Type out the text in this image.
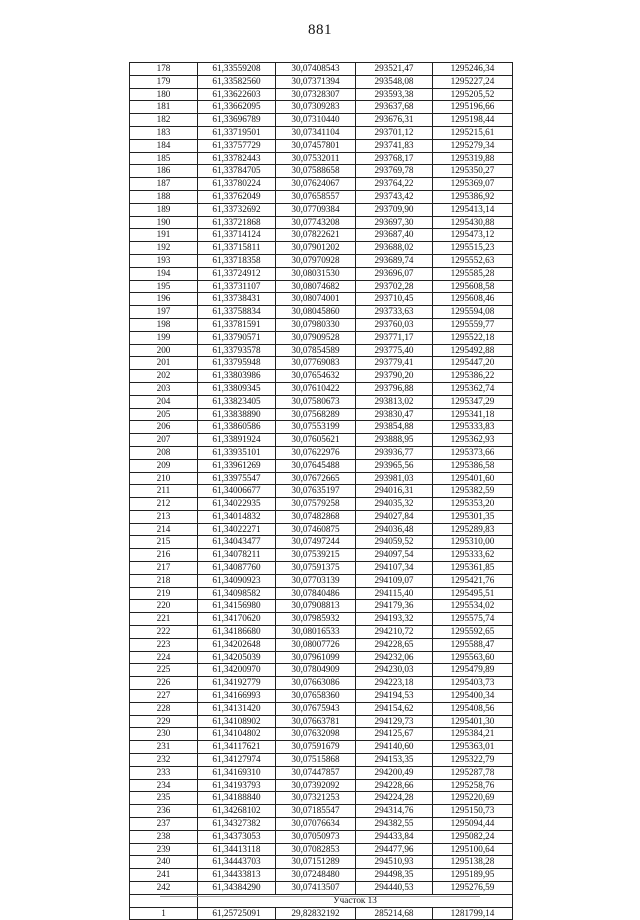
881
178	61,33559208	30,07408543	293521,47	1295246,34
179	61,33582560	30,07371394	293548,08	1295227,24
180	61,33622603	30,07328307	293593,38	1295205,52
181	61,33662095	30,07309283	293637,68	1295196,66
182	61,33696789	30,07310440	293676,31	1295198,44
183	61,33719501	30,07341104	293701,12	1295215,61
184	61,33757729	30,07457801	293741,83	1295279,34
185	61,33782443	30,07532011	293768,17	1295319,88
186	61,33784705	30,07588658	293769,78	1295350,27
187	61,33780224	30,07624067	293764,22	1295369,07
188	61,33762049	30,07658557	293743,42	1295386,92
189	61,33732692	30,07709384	293709,90	1295413,14
190	61,33721868	30,07743208	293697,30	1295430,88
191	61,33714124	30,07822621	293687,40	1295473,12
192	61,33715811	30,07901202	293688,02	1295515,23
193	61,33718358	30,07970928	293689,74	1295552,63
194	61,33724912	30,08031530	293696,07	1295585,28
195	61,33731107	30,08074682	293702,28	1295608,58
196	61,33738431	30,08074001	293710,45	1295608,46
197	61,33758834	30,08045860	293733,63	1295594,08
198	61,33781591	30,07980330	293760,03	1295559,77
199	61,33790571	30,07909528	293771,17	1295522,18
200	61,33793578	30,07854589	293775,40	1295492,88
201	61,33795948	30,07769083	293779,41	1295447,20
202	61,33803986	30,07654632	293790,20	1295386,22
203	61,33809345	30,07610422	293796,88	1295362,74
204	61,33823405	30,07580673	293813,02	1295347,29
205	61,33838890	30,07568289	293830,47	1295341,18
206	61,33860586	30,07553199	293854,88	1295333,83
207	61,33891924	30,07605621	293888,95	1295362,93
208	61,33935101	30,07622976	293936,77	1295373,66
209	61,33961269	30,07645488	293965,56	1295386,58
210	61,33975547	30,07672665	293981,03	1295401,60
211	61,34006677	30,07635197	294016,31	1295382,59
212	61,34022935	30,07579258	294035,32	1295353,20
213	61,34014832	30,07482868	294027,84	1295301,35
214	61,34022271	30,07460875	294036,48	1295289,83
215	61,34043477	30,07497244	294059,52	1295310,00
216	61,34078211	30,07539215	294097,54	1295333,62
217	61,34087760	30,07591375	294107,34	1295361,85
218	61,34090923	30,07703139	294109,07	1295421,76
219	61,34098582	30,07840486	294115,40	1295495,51
220	61,34156980	30,07908813	294179,36	1295534,02
221	61,34170620	30,07985932	294193,32	1295575,74
222	61,34186680	30,08016533	294210,72	1295592,65
223	61,34202648	30,08007726	294228,65	1295588,47
224	61,34205039	30,07961099	294232,06	1295563,60
225	61,34200970	30,07804909	294230,03	1295479,89
226	61,34192779	30,07663086	294223,18	1295403,73
227	61,34166993	30,07658360	294194,53	1295400,34
228	61,34131420	30,07675943	294154,62	1295408,56
229	61,34108902	30,07663781	294129,73	1295401,30
230	61,34104802	30,07632098	294125,67	1295384,21
231	61,34117621	30,07591679	294140,60	1295363,01
232	61,34127974	30,07515868	294153,35	1295322,79
233	61,34169310	30,07447857	294200,49	1295287,78
234	61,34193793	30,07392092	294228,66	1295258,76
235	61,34188840	30,07321253	294224,28	1295220,69
236	61,34268102	30,07185547	294314,76	1295150,73
237	61,34327382	30,07076634	294382,55	1295094,44
238	61,34373053	30,07050973	294433,84	1295082,24
239	61,34413118	30,07082853	294477,96	1295100,64
240	61,34443703	30,07151289	294510,93	1295138,28
241	61,34433813	30,07248480	294498,35	1295189,95
242	61,34384290	30,07413507	294440,53	1295276,59
	Участок 13			
1	61,25725091	29,82832192	285214,68	1281799,14
